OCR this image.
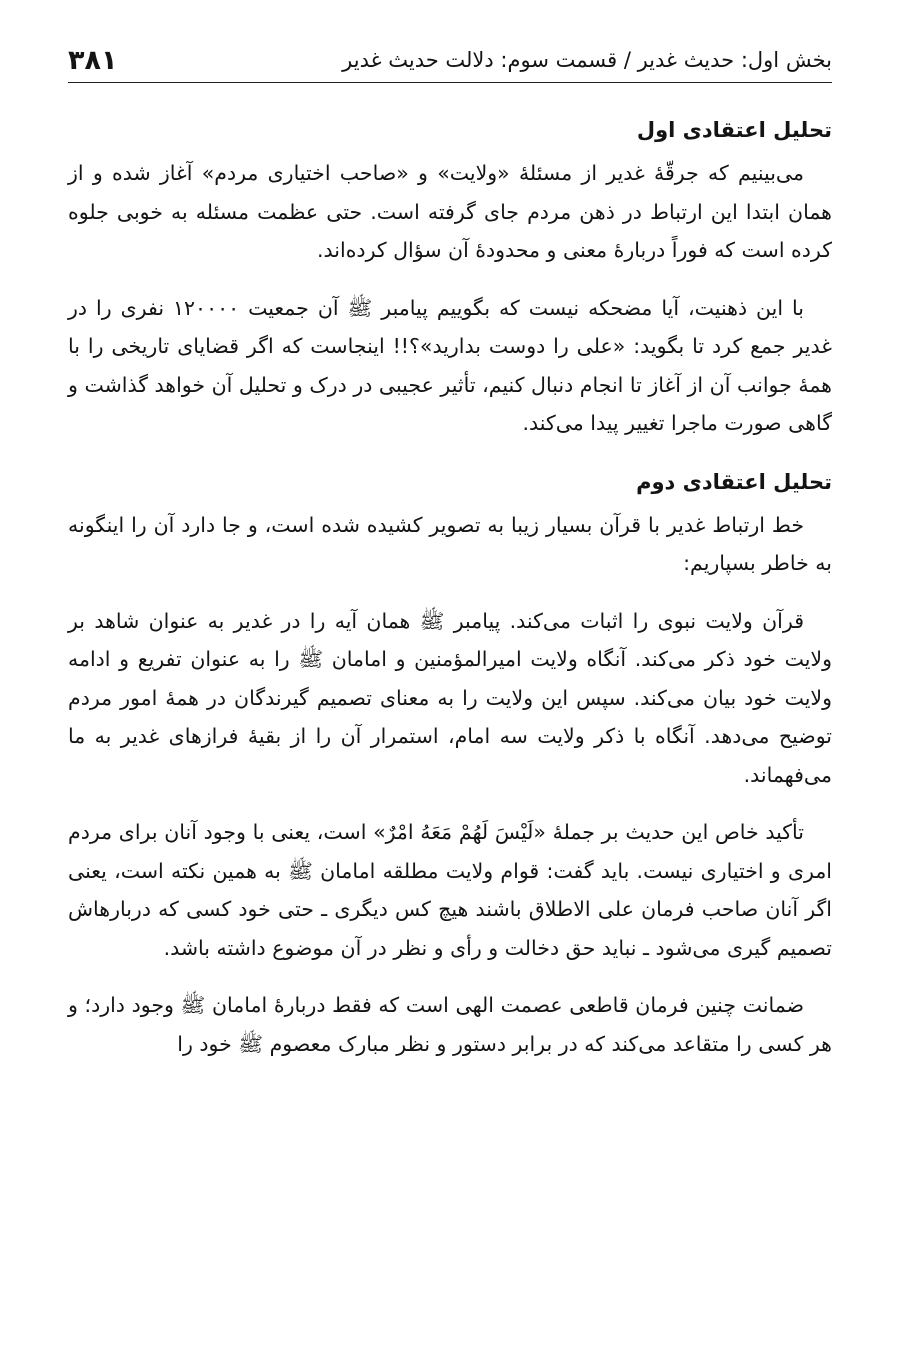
بخش اول: حدیث غدیر / قسمت سوم: دلالت حدیث غدیر
۳۸۱
تحلیل اعتقادی اول

می‌بینیم که جرقّهٔ غدیر از مسئلهٔ «ولایت» و «صاحب اختیاری مردم» آغاز شده و از همان ابتدا این ارتباط در ذهن مردم جای گرفته است. حتی عظمت مسئله به خوبی جلوه کرده است که فوراً دربارهٔ معنی و محدودهٔ آن سؤال کرده‌اند.

با این ذهنیت، آیا مضحکه نیست که بگوییم پیامبر ﷺ آن جمعیت ۱۲۰۰۰۰ نفری را در غدیر جمع کرد تا بگوید: «علی را دوست بدارید»؟!! اینجاست که اگر قضایای تاریخی را با همهٔ جوانب آن از آغاز تا انجام دنبال کنیم، تأثیر عجیبی در درک و تحلیل آن خواهد گذاشت و گاهی صورت ماجرا تغییر پیدا می‌کند.

تحلیل اعتقادی دوم

خط ارتباط غدیر با قرآن بسیار زیبا به تصویر کشیده شده است، و جا دارد آن را اینگونه به خاطر بسپاریم:

قرآن ولایت نبوی را اثبات می‌کند. پیامبر ﷺ همان آیه را در غدیر به عنوان شاهد بر ولایت خود ذکر می‌کند. آنگاه ولایت امیرالمؤمنین و امامان ﷺ را به عنوان تفریع و ادامه ولایت خود بیان می‌کند. سپس این ولایت را به معنای تصمیم گیرندگان در همهٔ امور مردم توضیح می‌دهد. آنگاه با ذکر ولایت سه امام، استمرار آن را از بقیهٔ فرازهای غدیر به ما می‌فهماند.

تأکید خاص این حدیث بر جملهٔ «لَیْسَ لَهُمْ مَعَهُ امْرٌ» است، یعنی با وجود آنان برای مردم امری و اختیاری نیست. باید گفت: قوام ولایت مطلقه امامان ﷺ به همین نکته است، یعنی اگر آنان صاحب فرمان علی الاطلاق باشند هیچ کس دیگری ـ حتی خود کسی که دربارهاش تصمیم گیری می‌شود ـ نباید حق دخالت و رأی و نظر در آن موضوع داشته باشد.

ضمانت چنین فرمان قاطعی عصمت الهی است که فقط دربارهٔ امامان ﷺ وجود دارد؛ و هر کسی را متقاعد می‌کند که در برابر دستور و نظر مبارک معصوم ﷺ خود را
